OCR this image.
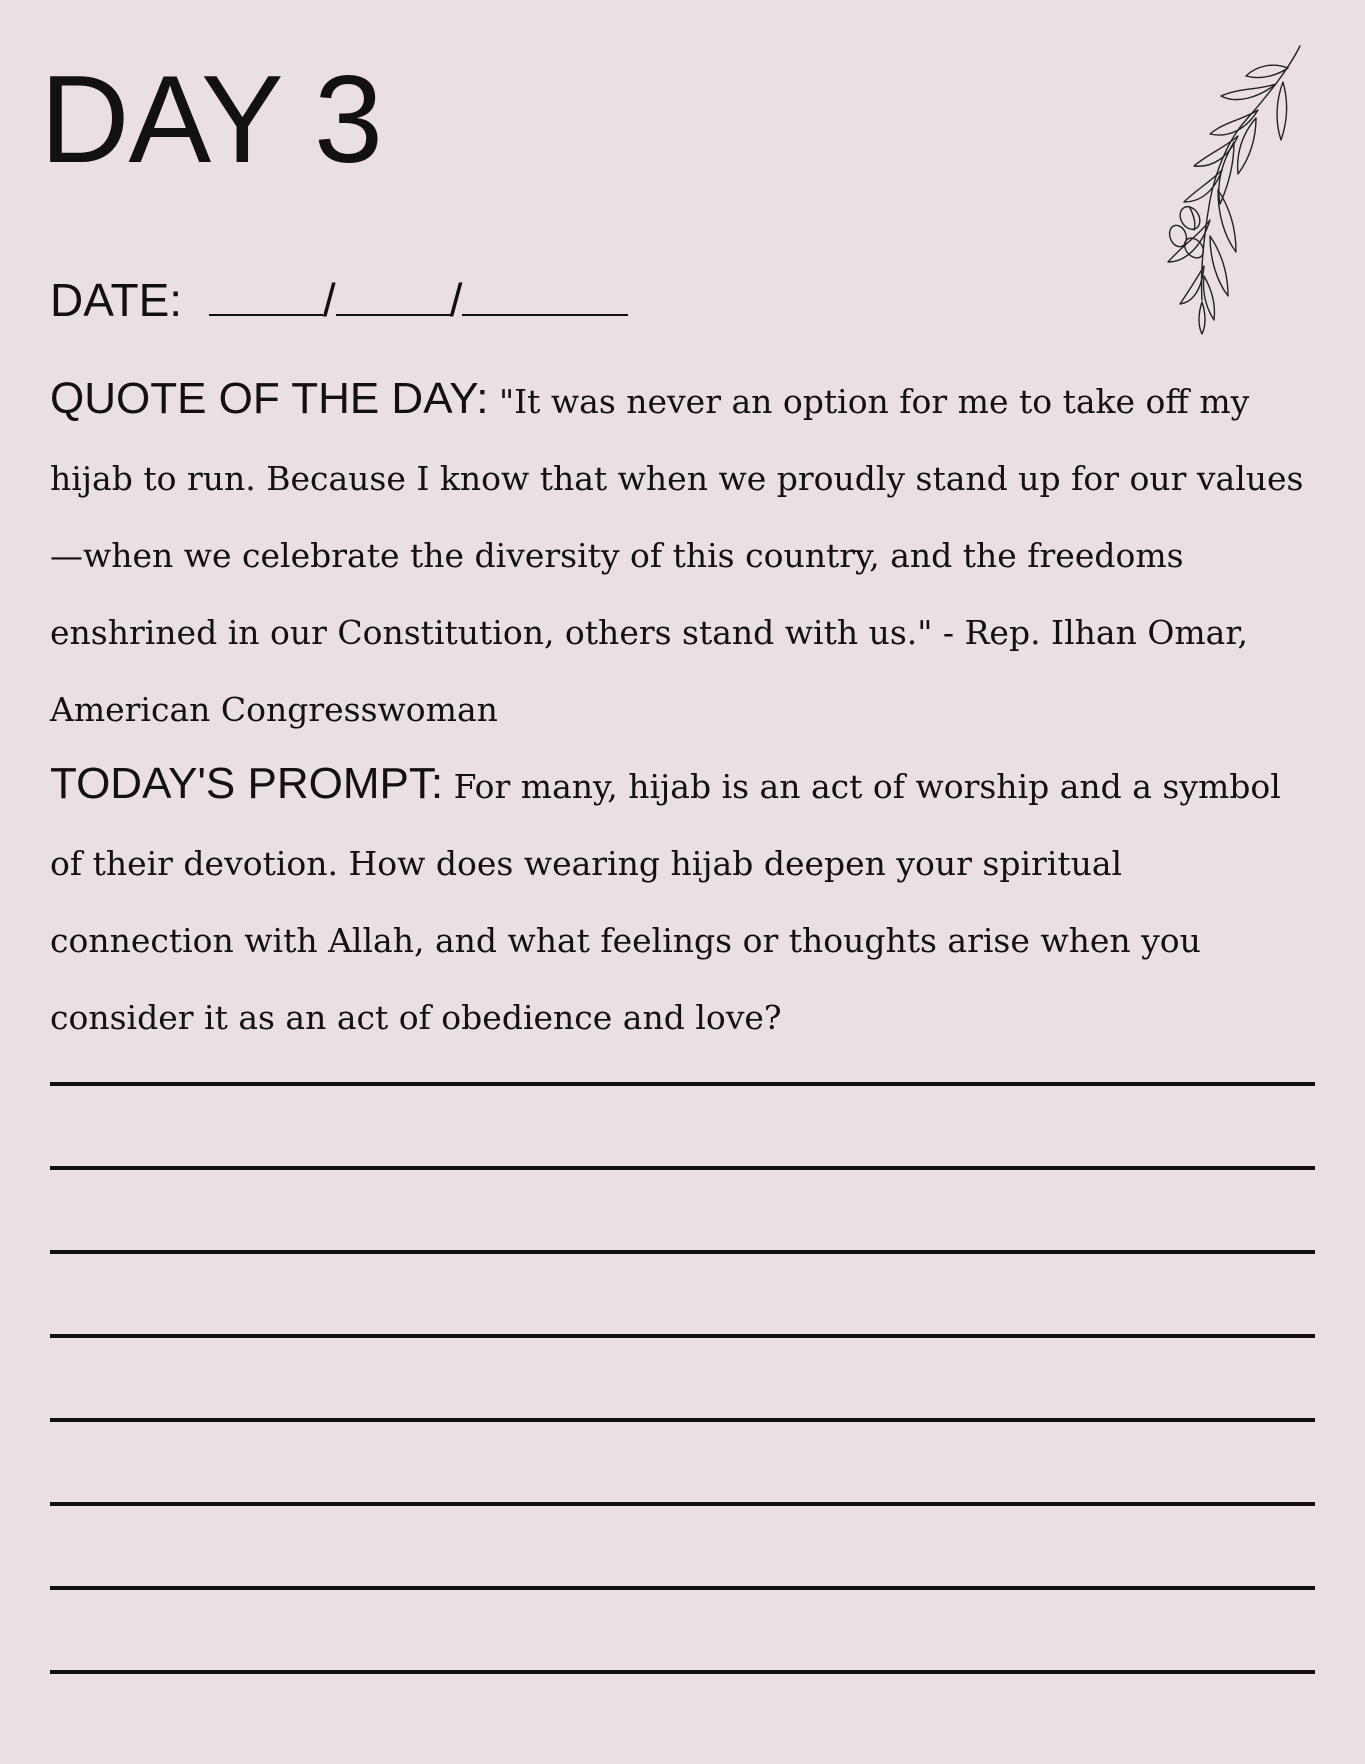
DAY 3
DATE:	/ /

QUOTE OF THE DAY: "It was never an option for me to take off my hijab to run. Because I know that when we proudly stand up for our values—when we celebrate the diversity of this country, and the freedoms enshrined in our Constitution, others stand with us." - Rep. Ilhan Omar, American Congresswoman

TODAY'S PROMPT: For many, hijab is an act of worship and a symbol of their devotion. How does wearing hijab deepen your spiritual connection with Allah, and what feelings or thoughts arise when you consider it as an act of obedience and love?
